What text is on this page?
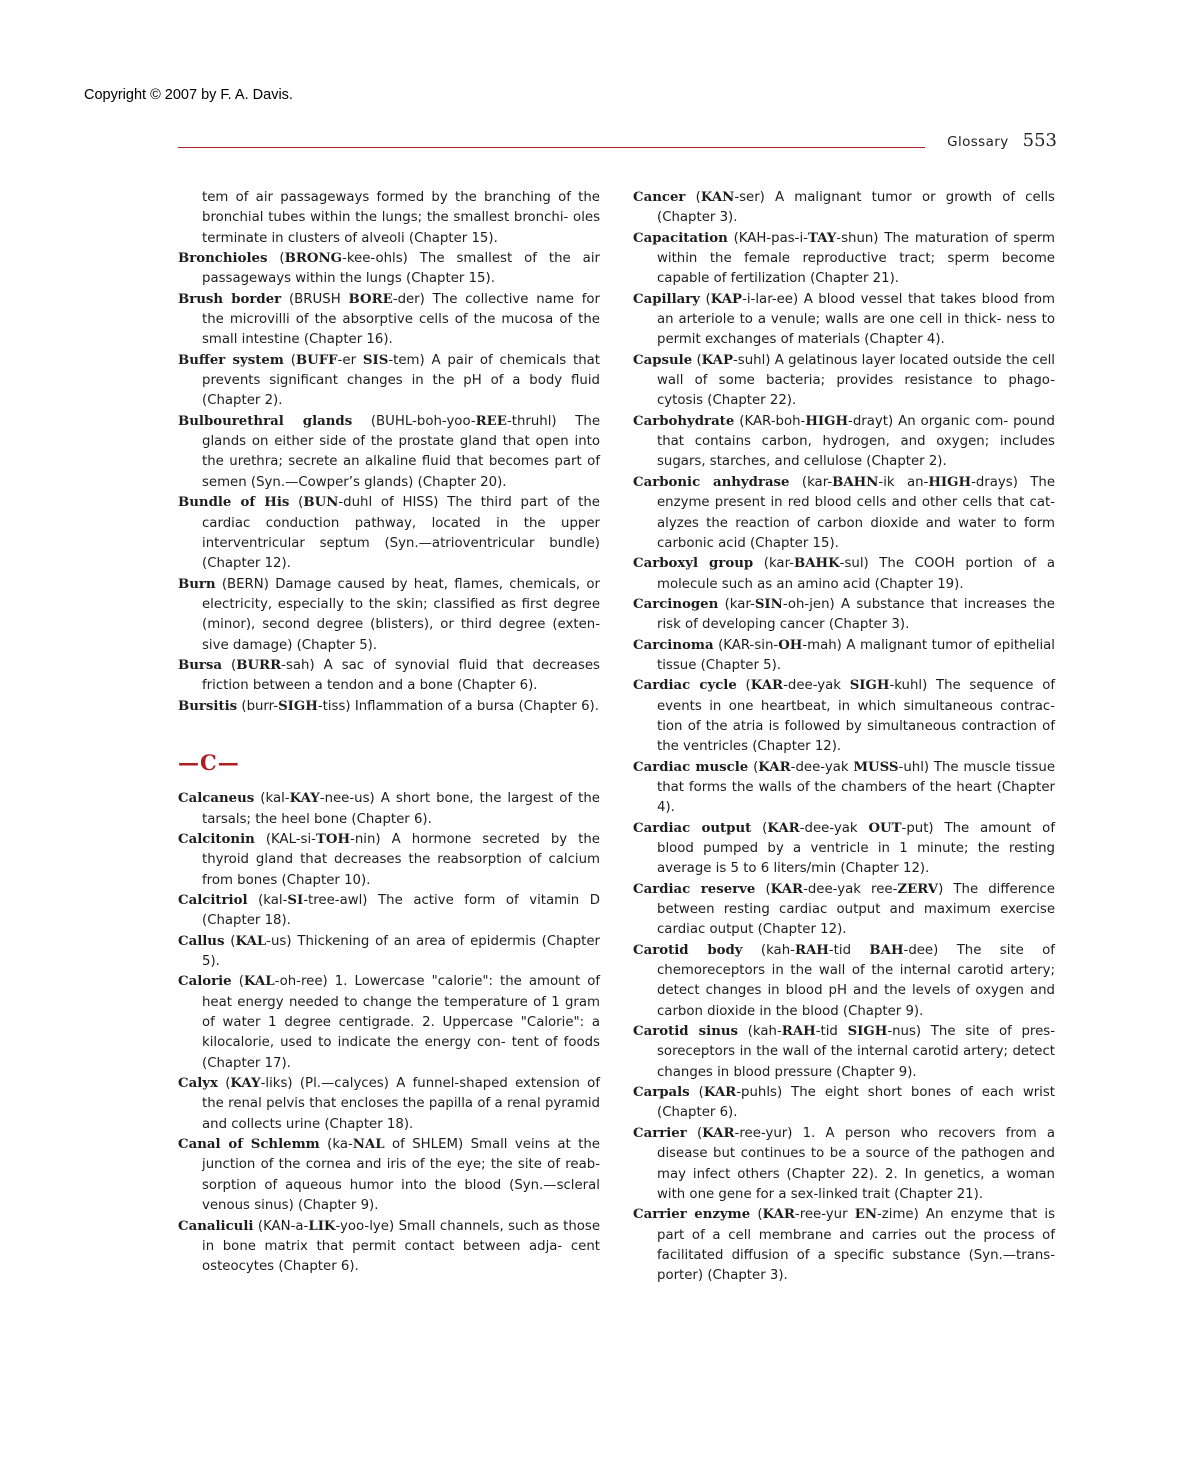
Copyright © 2007 by F. A. Davis.
Glossary 553

tem of air passageways formed by the branching of the bronchial tubes within the lungs; the smallest bronchi- oles terminate in clusters of alveoli (Chapter 15).

Bronchioles (BRONG-kee-ohls) The smallest of the air passageways within the lungs (Chapter 15).

Brush border (BRUSH BORE-der) The collective name for the microvilli of the absorptive cells of the mucosa of the small intestine (Chapter 16).

Buffer system (BUFF-er SIS-tem) A pair of chemicals that prevents significant changes in the pH of a body fluid (Chapter 2).

Bulbourethral glands (BUHL-boh-yoo-REE-thruhl) The glands on either side of the prostate gland that open into the urethra; secrete an alkaline fluid that becomes part of semen (Syn.—Cowper’s glands) (Chapter 20).

Bundle of His (BUN-duhl of HISS) The third part of the cardiac conduction pathway, located in the upper interventricular septum (Syn.—atrioventricular bundle) (Chapter 12).

Burn (BERN) Damage caused by heat, flames, chemicals, or electricity, especially to the skin; classified as first degree (minor), second degree (blisters), or third degree (exten- sive damage) (Chapter 5).

Bursa (BURR-sah) A sac of synovial fluid that decreases friction between a tendon and a bone (Chapter 6).

Bursitis (burr-SIGH-tiss) Inflammation of a bursa (Chapter 6).

—C—

Calcaneus (kal-KAY-nee-us) A short bone, the largest of the tarsals; the heel bone (Chapter 6).

Calcitonin (KAL-si-TOH-nin) A hormone secreted by the thyroid gland that decreases the reabsorption of calcium from bones (Chapter 10).

Calcitriol (kal-SI-tree-awl) The active form of vitamin D (Chapter 18).

Callus (KAL-us) Thickening of an area of epidermis (Chapter 5).

Calorie (KAL-oh-ree) 1. Lowercase "calorie": the amount of heat energy needed to change the temperature of 1 gram of water 1 degree centigrade. 2. Uppercase "Calorie": a kilocalorie, used to indicate the energy con- tent of foods (Chapter 17).

Calyx (KAY-liks) (Pl.—calyces) A funnel-shaped extension of the renal pelvis that encloses the papilla of a renal pyramid and collects urine (Chapter 18).

Canal of Schlemm (ka-NAL of SHLEM) Small veins at the junction of the cornea and iris of the eye; the site of reab- sorption of aqueous humor into the blood (Syn.—scleral venous sinus) (Chapter 9).

Canaliculi (KAN-a-LIK-yoo-lye) Small channels, such as those in bone matrix that permit contact between adja- cent osteocytes (Chapter 6).

Cancer (KAN-ser) A malignant tumor or growth of cells (Chapter 3).

Capacitation (KAH-pas-i-TAY-shun) The maturation of sperm within the female reproductive tract; sperm become capable of fertilization (Chapter 21).

Capillary (KAP-i-lar-ee) A blood vessel that takes blood from an arteriole to a venule; walls are one cell in thick- ness to permit exchanges of materials (Chapter 4).

Capsule (KAP-suhl) A gelatinous layer located outside the cell wall of some bacteria; provides resistance to phago- cytosis (Chapter 22).

Carbohydrate (KAR-boh-HIGH-drayt) An organic com- pound that contains carbon, hydrogen, and oxygen; includes sugars, starches, and cellulose (Chapter 2).

Carbonic anhydrase (kar-BAHN-ik an-HIGH-drays) The enzyme present in red blood cells and other cells that cat- alyzes the reaction of carbon dioxide and water to form carbonic acid (Chapter 15).

Carboxyl group (kar-BAHK-sul) The COOH portion of a molecule such as an amino acid (Chapter 19).

Carcinogen (kar-SIN-oh-jen) A substance that increases the risk of developing cancer (Chapter 3).

Carcinoma (KAR-sin-OH-mah) A malignant tumor of epithelial tissue (Chapter 5).

Cardiac cycle (KAR-dee-yak SIGH-kuhl) The sequence of events in one heartbeat, in which simultaneous contrac- tion of the atria is followed by simultaneous contraction of the ventricles (Chapter 12).

Cardiac muscle (KAR-dee-yak MUSS-uhl) The muscle tissue that forms the walls of the chambers of the heart (Chapter 4).

Cardiac output (KAR-dee-yak OUT-put) The amount of blood pumped by a ventricle in 1 minute; the resting average is 5 to 6 liters/min (Chapter 12).

Cardiac reserve (KAR-dee-yak ree-ZERV) The difference between resting cardiac output and maximum exercise cardiac output (Chapter 12).

Carotid body (kah-RAH-tid BAH-dee) The site of chemoreceptors in the wall of the internal carotid artery; detect changes in blood pH and the levels of oxygen and carbon dioxide in the blood (Chapter 9).

Carotid sinus (kah-RAH-tid SIGH-nus) The site of pres- soreceptors in the wall of the internal carotid artery; detect changes in blood pressure (Chapter 9).

Carpals (KAR-puhls) The eight short bones of each wrist (Chapter 6).

Carrier (KAR-ree-yur) 1. A person who recovers from a disease but continues to be a source of the pathogen and may infect others (Chapter 22). 2. In genetics, a woman with one gene for a sex-linked trait (Chapter 21).

Carrier enzyme (KAR-ree-yur EN-zime) An enzyme that is part of a cell membrane and carries out the process of facilitated diffusion of a specific substance (Syn.—trans- porter) (Chapter 3).
